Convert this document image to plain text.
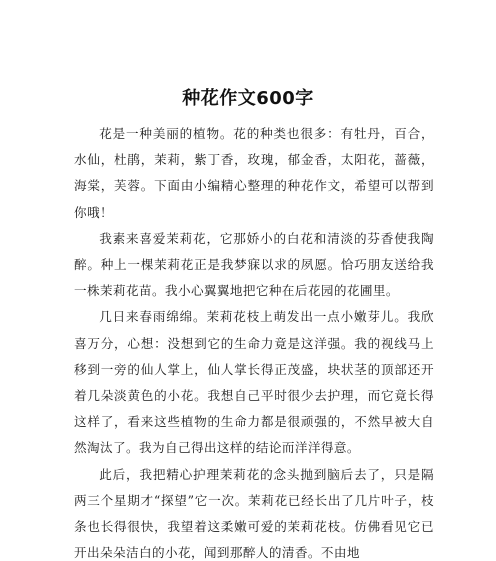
种花作文600字

花是一种美丽的植物。花的种类也很多：有牡丹，百合，水仙，杜鹃，茉莉，紫丁香，玫瑰，郁金香，太阳花，蔷薇，海棠，芙蓉。下面由小编精心整理的种花作文，希望可以帮到你哦！

我素来喜爱茉莉花，它那娇小的白花和清淡的芬香使我陶醉。种上一棵茉莉花正是我梦寐以求的夙愿。恰巧朋友送给我一株茉莉花苗。我小心翼翼地把它种在后花园的花圃里。

几日来春雨绵绵。茉莉花枝上萌发出一点小嫩芽儿。我欣喜万分，心想：没想到它的生命力竟是这洋强。我的视线马上移到一旁的仙人掌上，仙人掌长得正茂盛，块状茎的顶部还开着几朵淡黄色的小花。我想自己平时很少去护理，而它竟长得这样了，看来这些植物的生命力都是很顽强的，不然早被大自然淘汰了。我为自己得出这样的结论而洋洋得意。

此后，我把精心护理茉莉花的念头抛到脑后去了，只是隔两三个星期才“探望”它一次。茉莉花已经长出了几片叶子，枝条也长得很快，我望着这柔嫩可爱的茉莉花枝。仿佛看见它已开出朵朵洁白的小花，闻到那醉人的清香。不由地
